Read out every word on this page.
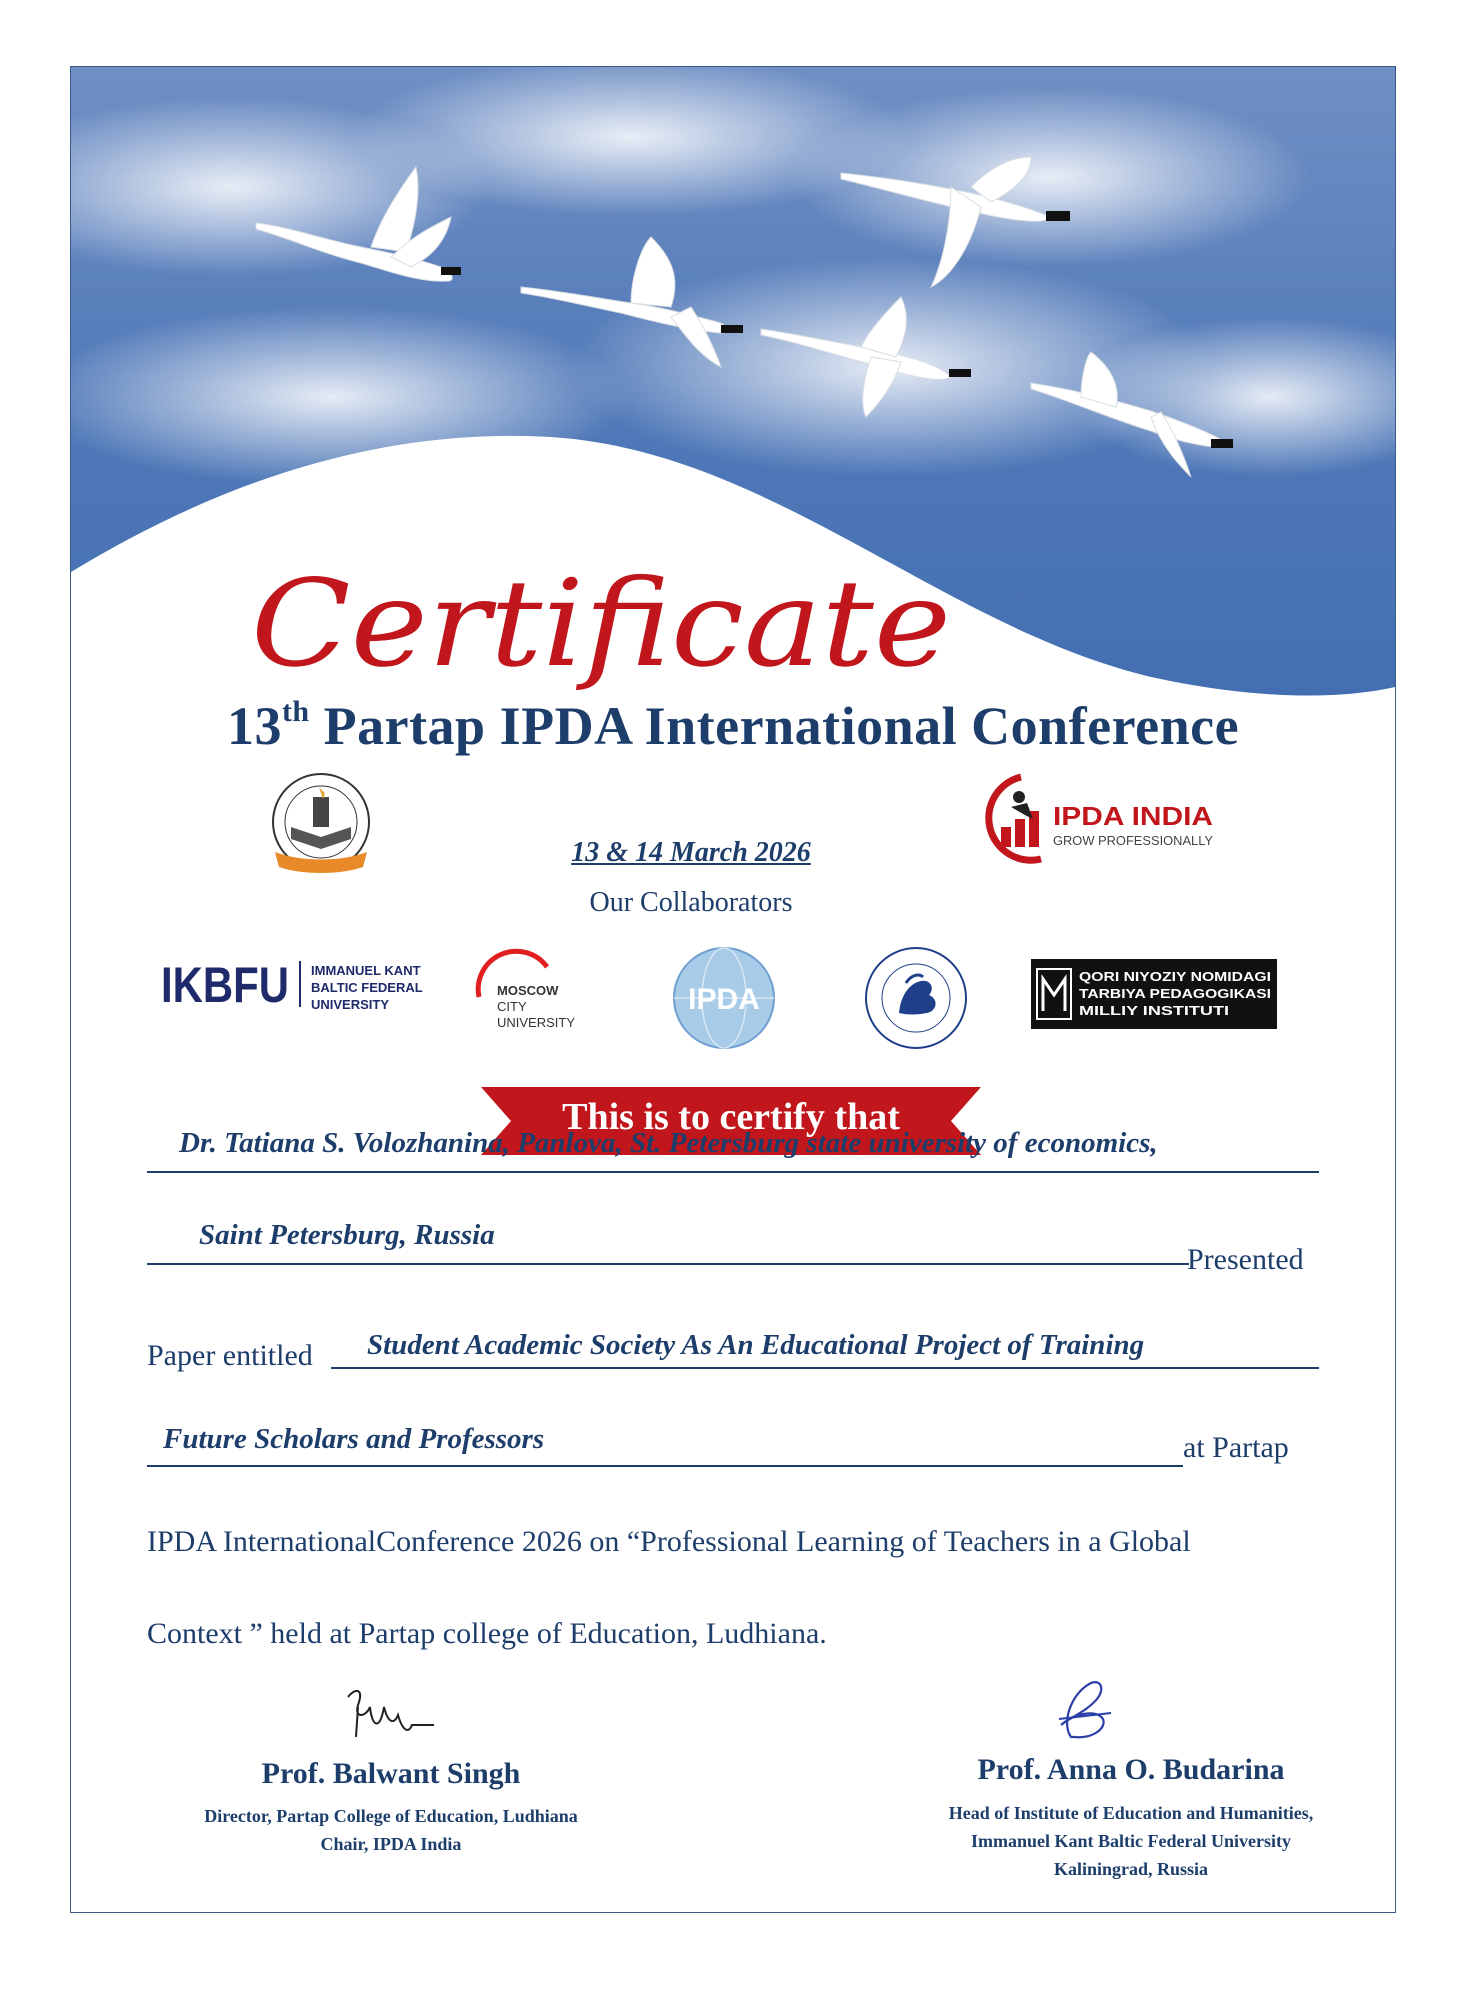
Certificate
13th Partap IPDA International Conference
13 & 14 March 2026
Our Collaborators
IPDA INDIA
GROW PROFESSIONALLY
IKBFU IMMANUEL KANT
BALTIC FEDERAL
UNIVERSITY
MOSCOW
CITY
UNIVERSITY
IPDA
QORI NIYOZIY NOMIDAGI
TARBIYA PEDAGOGIKASI
MILLIY INSTITUTI
This is to certify that
Dr. Tatiana S. Volozhanina, Panlova, St. Petersburg state university of economics,
Saint Petersburg, Russia
Presented
Paper entitled Student Academic Society As An Educational Project of Training
Future Scholars and Professors	at Partap
IPDA InternationalConference 2026 on “Professional Learning of Teachers in a Global
Context ” held at Partap college of Education, Ludhiana.
Prof. Balwant Singh
Director, Partap College of Education, Ludhiana
Chair, IPDA India
Prof. Anna O. Budarina
Head of Institute of Education and Humanities,
Immanuel Kant Baltic Federal University
Kaliningrad, Russia
